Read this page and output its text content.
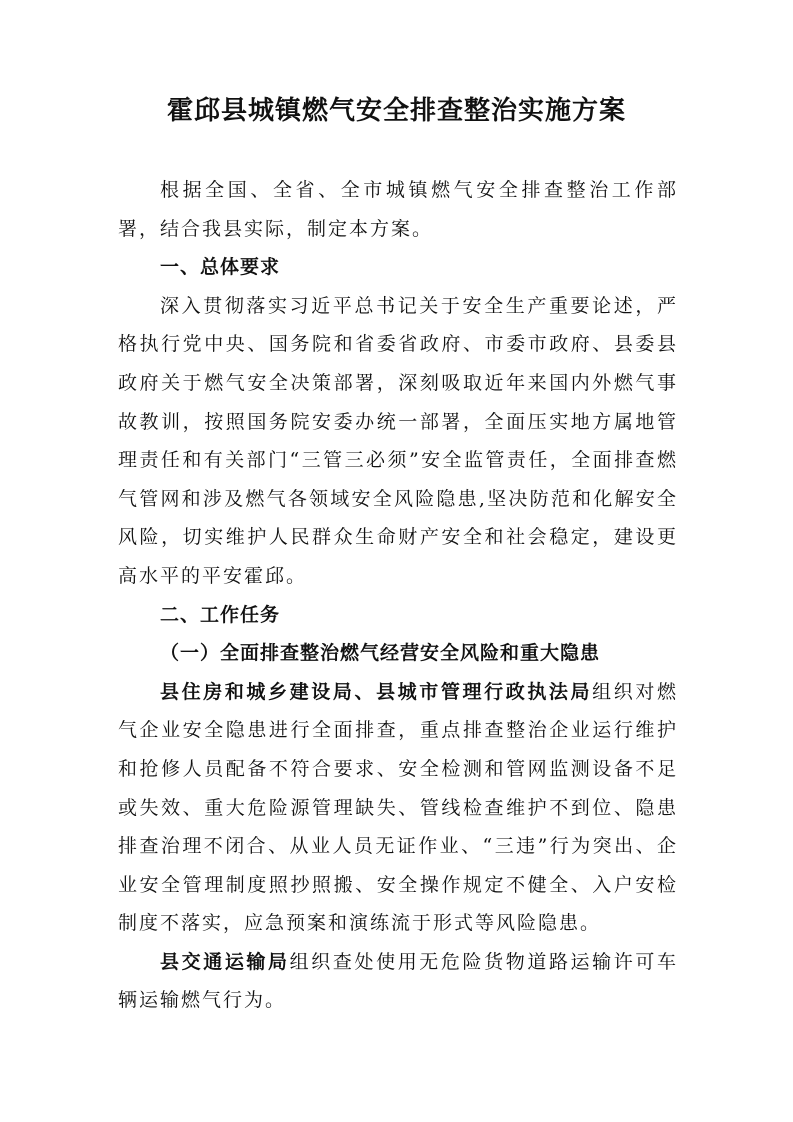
霍邱县城镇燃气安全排查整治实施方案

根据全国、全省、全市城镇燃气安全排查整治工作部署，结合我县实际，制定本方案。

一、总体要求

深入贯彻落实习近平总书记关于安全生产重要论述，严格执行党中央、国务院和省委省政府、市委市政府、县委县政府关于燃气安全决策部署，深刻吸取近年来国内外燃气事故教训，按照国务院安委办统一部署，全面压实地方属地管理责任和有关部门“三管三必须”安全监管责任，全面排查燃气管网和涉及燃气各领域安全风险隐患,坚决防范和化解安全风险，切实维护人民群众生命财产安全和社会稳定，建设更高水平的平安霍邱。

二、工作任务

（一）全面排查整治燃气经营安全风险和重大隐患

县住房和城乡建设局、县城市管理行政执法局组织对燃气企业安全隐患进行全面排查，重点排查整治企业运行维护和抢修人员配备不符合要求、安全检测和管网监测设备不足或失效、重大危险源管理缺失、管线检查维护不到位、隐患排查治理不闭合、从业人员无证作业、“三违”行为突出、企业安全管理制度照抄照搬、安全操作规定不健全、入户安检制度不落实，应急预案和演练流于形式等风险隐患。

县交通运输局组织查处使用无危险货物道路运输许可车辆运输燃气行为。
